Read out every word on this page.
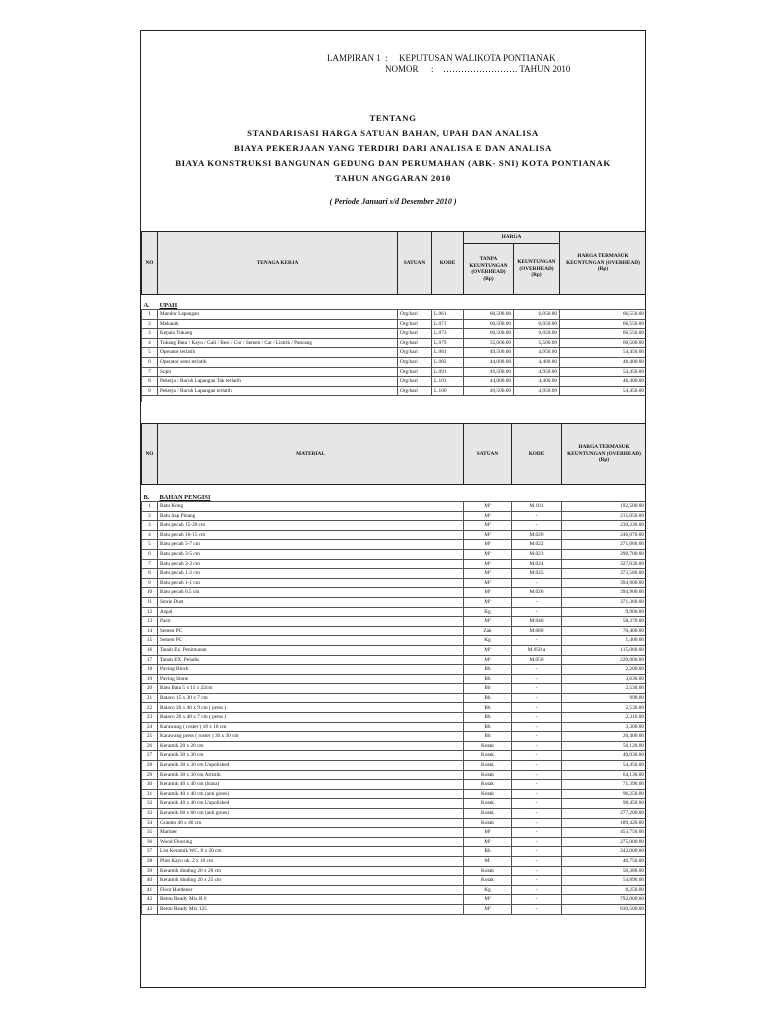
LAMPIRAN 1 :	KEPUTUSAN WALIKOTA PONTIANAK
NOMOR	:	……………………. TAHUN 2010
TENTANG
STANDARISASI HARGA SATUAN BAHAN, UPAH DAN ANALISA
BIAYA PEKERJAAN YANG TERDIRI DARI ANALISA E DAN ANALISA
BIAYA KONSTRUKSI BANGUNAN GEDUNG DAN PERUMAHAN (ABK- SNI) KOTA PONTIANAK
TAHUN ANGGARAN 2010
( Periode Januari s/d Desember 2010 )
NO	TENAGA KERJA	SATUAN	KODE	HARGA		HARGA TERMASUK KEUNTUNGAN (OVERHEAD) (Rp)
				TANPA KEUNTUNGAN (OVERHEAD) (Rp)	KEUNTUNGAN (OVERHEAD) (Rp)	

A.	UPAH					
1	Mandor Lapangan	Org/hari	L.061	60,500.00	6,050.00	66,550.00
2	Mekanik	Org/hari	L.071	60,500.00	6,050.00	66,550.00
3	Kepala Tukang	Org/hari	L.073	60,500.00	6,050.00	66,550.00
4	Tukang Batu / Kayu / Gali / Besi / Cor / Semen / Cat / Listrik / Pancang	Org/hari	L.079	55,000.00	5,500.00	60,500.00
5	Operator terlatih	Org/hari	L.081	49,500.00	4,950.00	54,450.00
6	Operator semi terlatih	Org/hari	L.082	44,000.00	4,400.00	48,400.00
7	Sopir	Org/hari	L.091	49,500.00	4,950.00	54,450.00
8	Pekerja / Buruh Lapangan Tak terlatih	Org/hari	L.101	44,000.00	4,400.00	48,400.00
9	Pekerja / Buruh Lapangan terlatih	Org/hari	L.106	49,500.00	4,950.00	54,450.00

NO	MATERIAL	SATUAN	KODE	HARGA TERMASUK KEUNTUNGAN (OVERHEAD) (Rp)

B.	BAHAN PENGISI			
1	Batu Kong	M³	M.101	192,500.00
2	Batu Sap Pinang	M³	-	215,050.00
3	Batu pecah 15-20 cm	M³	-	230,230.00
4	Batu pecah 10-15 cm	M³	M.020	246,070.00
5	Batu pecah 5-7 cm	M³	M.022	271,060.00
6	Batu pecah 3-5 cm	M³	M.023	290,700.00
7	Batu pecah 2-3 cm	M³	M.024	327,030.00
8	Batu pecah 1-2 cm	M³	M.025	373,580.00
9	Batu pecah 1-1 cm	M³	-	394,900.00
10	Batu pecah 0,5 cm	M³	M.026	394,900.00
11	Stone Dust	M³	-	371,360.00
12	Aspal	Kg	-	9,900.00
13	Pasir	M³	M.040	58,370.00
14	Semen PC	Zak	M.080	70,400.00
15	Semen PC	Kg	-	1,400.00
16	Tanah Ex. Penimunan	M³	M.050.a	115,060.00
17	Tanah EX. Peladis	M³	M.050	220,000.00
18	Paving Block	Bh	-	2,200.00
19	Paving Stone	Bh	-	3,630.00
20	Batu Bata 5 x 11 x 22cm	Bh	-	2,530.00
21	Bataco 15 x 30 x 7 cm	Bh	-	990.00
22	Bataco 20 x 40 x 9 cm ( press )	Bh	-	2,530.00
23	Bataco 20 x 40 x 7 cm ( press )	Bh	-	2,310.00
24	Karawang ( roster ) 18 x 18 cm	Bh	-	3,300.00
25	Karawang press ( roster ) 30 x 30 cm	Bh	-	26,400.00
26	Keramik 20 x 20 cm	Kotak	-	50,120.00
27	Keramik 30 x 30 cm	Kotak	-	40,030.00
28	Keramik 30 x 30 cm Unpolished	Kotak	-	54,450.00
29	Keramik 30 x 30 cm Artistik	Kotak	-	64,130.00
30	Keramik 40 x 40 cm (biasa)	Kotak	-	71,390.00
31	Keramik 40 x 40 cm (anti gores)	Kotak	-	96,250.00
32	Keramik 40 x 40 cm Unpolished	Kotak	-	98,450.00
33	Keramik 60 x 60 cm (anti gores)	Kotak	-	277,200.00
34	Granito 40 x 40 cm	Kotak	-	189,420.00
35	Marmer	M²	-	453,750.00
36	Wood Flooring	M²	-	275,000.00
37	List Keramik WC. 8 x 20 cm	Bh	-	242,000.00
38	Plint Kayu uk. 2 x 10 cm	M'	-	46,750.00
39	Keramik dinding 20 x 20 cm	Kotak	-	50,380.00
40	Keramik dinding 20 x 25 cm	Kotak	-	54,890.00
41	Floor Hardener	Kg	-	8,250.00
42	Beton Ready Mix B 0	M³	-	792,000.00
43	Beton Ready Mix 125	M³	-	830,500.00
